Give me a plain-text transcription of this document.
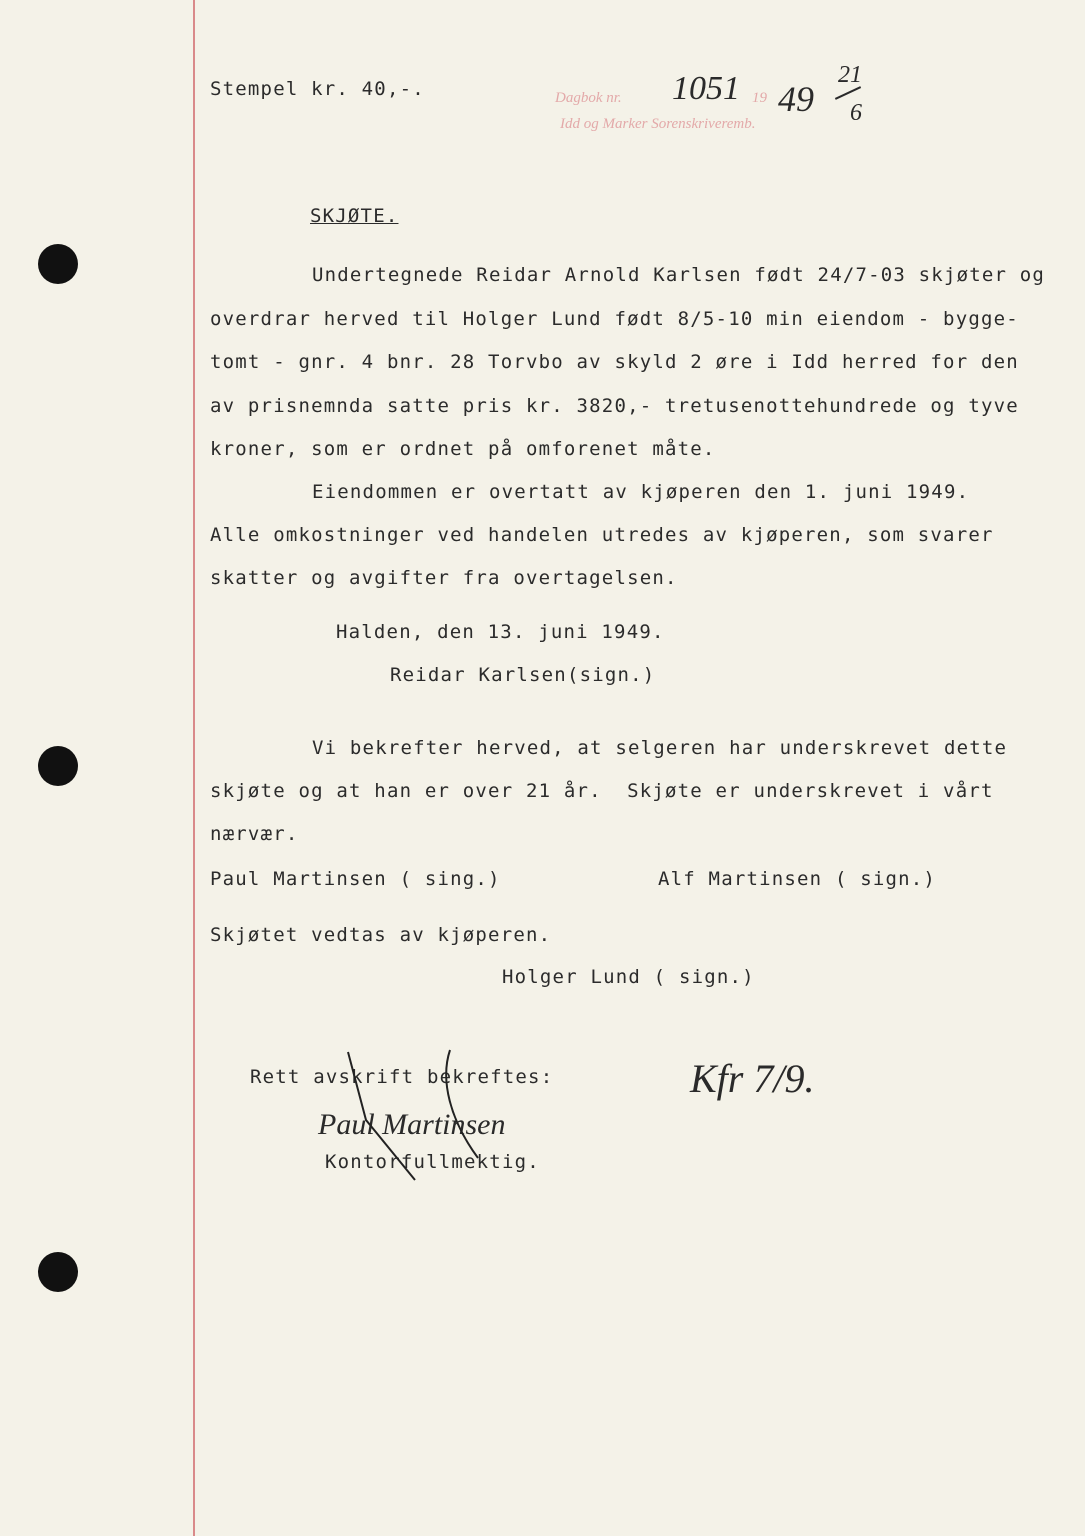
Stempel kr. 40,-.	Dagbok nr. 1051 19 49
21
6
Idd og Marker Sorenskriveremb.
SKJØTE.
Undertegnede Reidar Arnold Karlsen født 24/7-03 skjøter og
overdrar herved til Holger Lund født 8/5-10 min eiendom - bygge-
tomt - gnr. 4 bnr. 28 Torvbo av skyld 2 øre i Idd herred for den
av prisnemnda satte pris kr. 3820,- tretusenottehundrede og tyve
kroner, som er ordnet på omforenet måte.
Eiendommen er overtatt av kjøperen den 1. juni 1949.
Alle omkostninger ved handelen utredes av kjøperen, som svarer
skatter og avgifter fra overtagelsen.
Halden, den 13. juni 1949.
Reidar Karlsen(sign.)
Vi bekrefter herved, at selgeren har underskrevet dette
skjøte og at han er over 21 år.  Skjøte er underskrevet i vårt
nærvær.
Paul Martinsen ( sing.)	Alf Martinsen ( sign.)
Skjøtet vedtas av kjøperen.
Holger Lund ( sign.)
Rett avskrift bekreftes:
Paul Martinsen
Kontorfullmektig.
Kfr 7/9.
